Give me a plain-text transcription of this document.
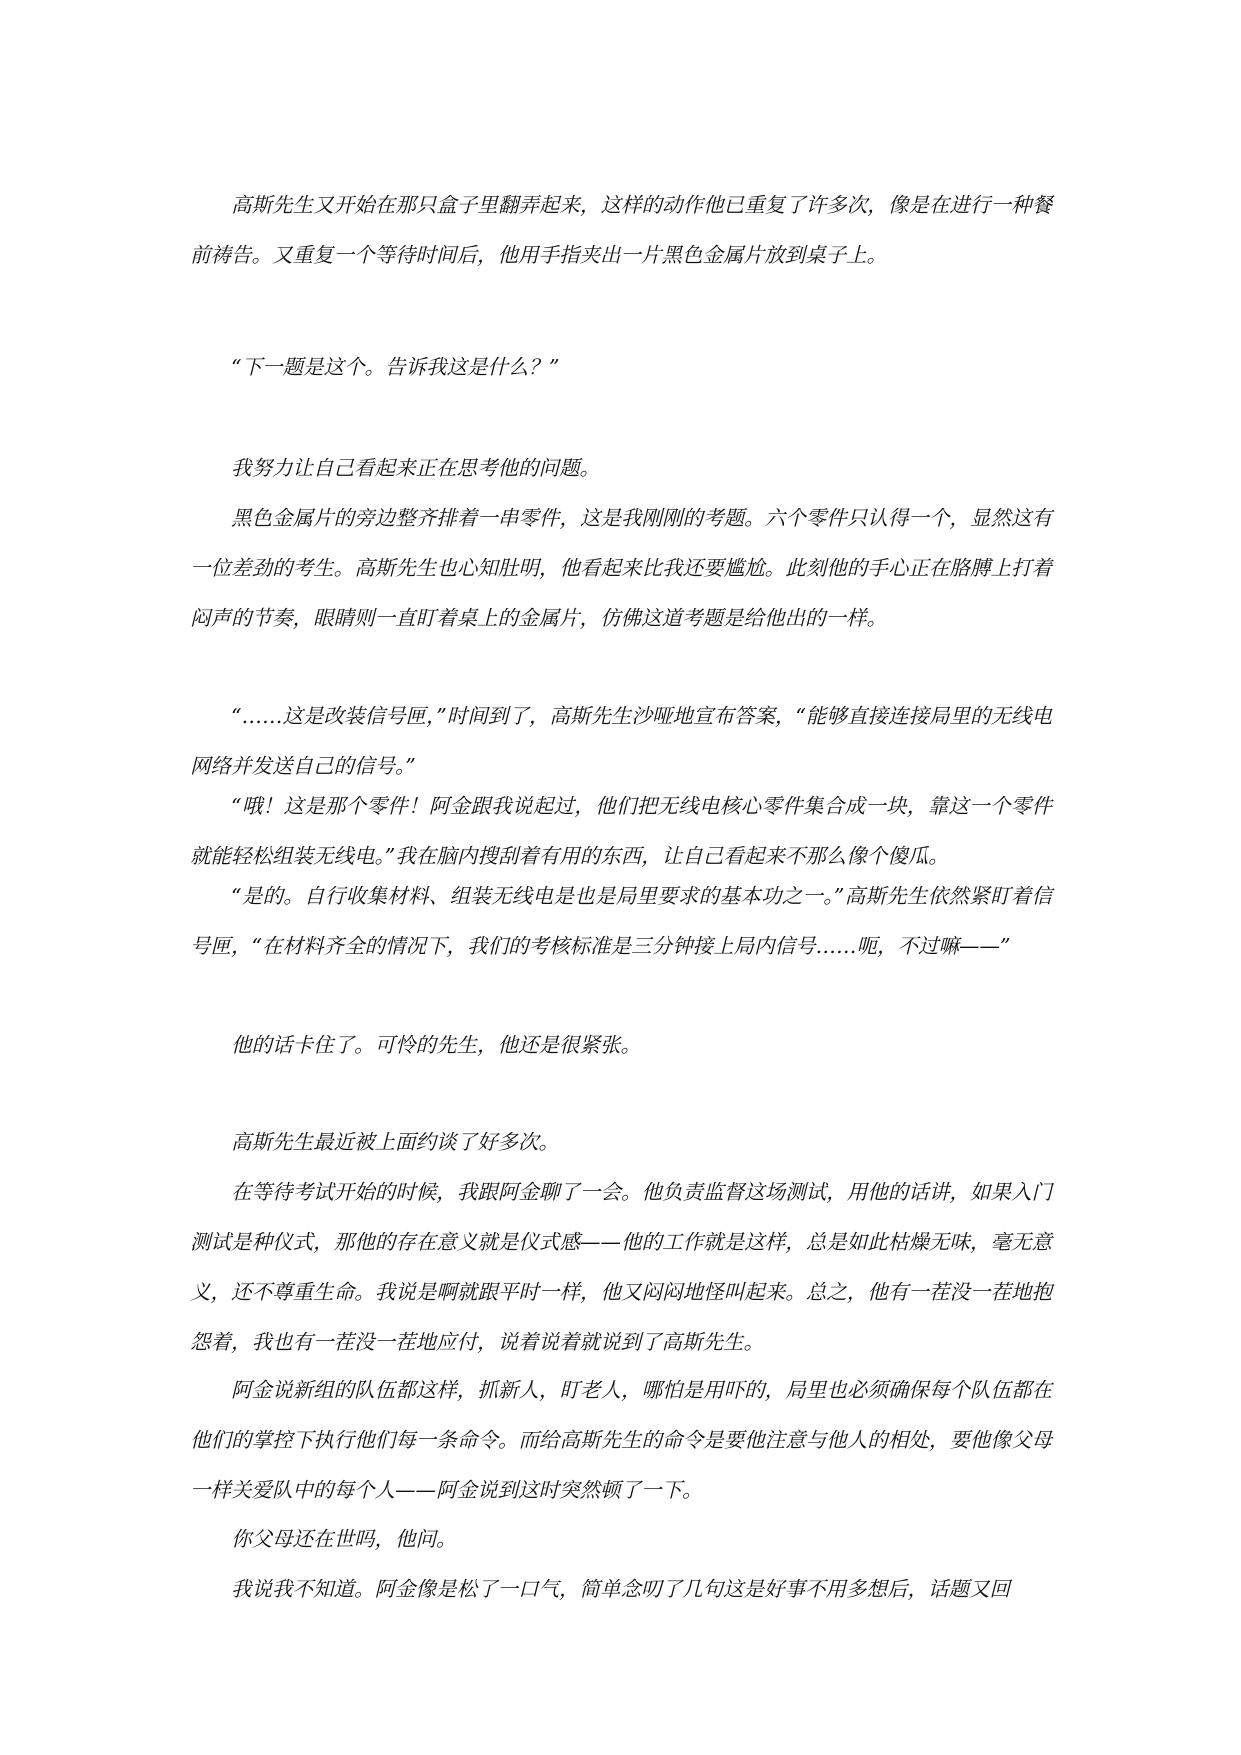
高斯先生又开始在那只盒子里翻弄起来，这样的动作他已重复了许多次，像是在进行一种餐前祷告。又重复一个等待时间后，他用手指夹出一片黑色金属片放到桌子上。

“下一题是这个。告诉我这是什么？”

我努力让自己看起来正在思考他的问题。

黑色金属片的旁边整齐排着一串零件，这是我刚刚的考题。六个零件只认得一个，显然这有一位差劲的考生。高斯先生也心知肚明，他看起来比我还要尴尬。此刻他的手心正在胳膊上打着闷声的节奏，眼睛则一直盯着桌上的金属片，仿佛这道考题是给他出的一样。

“……这是改装信号匣，”时间到了，高斯先生沙哑地宣布答案，“能够直接连接局里的无线电网络并发送自己的信号。”

“哦！这是那个零件！阿金跟我说起过，他们把无线电核心零件集合成一块，靠这一个零件就能轻松组装无线电。”我在脑内搜刮着有用的东西，让自己看起来不那么像个傻瓜。

“是的。自行收集材料、组装无线电是也是局里要求的基本功之一。”高斯先生依然紧盯着信号匣，“在材料齐全的情况下，我们的考核标准是三分钟接上局内信号……呃，不过嘛——”

他的话卡住了。可怜的先生，他还是很紧张。

高斯先生最近被上面约谈了好多次。

在等待考试开始的时候，我跟阿金聊了一会。他负责监督这场测试，用他的话讲，如果入门测试是种仪式，那他的存在意义就是仪式感——他的工作就是这样，总是如此枯燥无味，毫无意义，还不尊重生命。我说是啊就跟平时一样，他又闷闷地怪叫起来。总之，他有一茬没一茬地抱怨着，我也有一茬没一茬地应付，说着说着就说到了高斯先生。

阿金说新组的队伍都这样，抓新人，盯老人，哪怕是用吓的，局里也必须确保每个队伍都在他们的掌控下执行他们每一条命令。而给高斯先生的命令是要他注意与他人的相处，要他像父母一样关爱队中的每个人——阿金说到这时突然顿了一下。

你父母还在世吗，他问。

我说我不知道。阿金像是松了一口气，简单念叨了几句这是好事不用多想后，话题又回
